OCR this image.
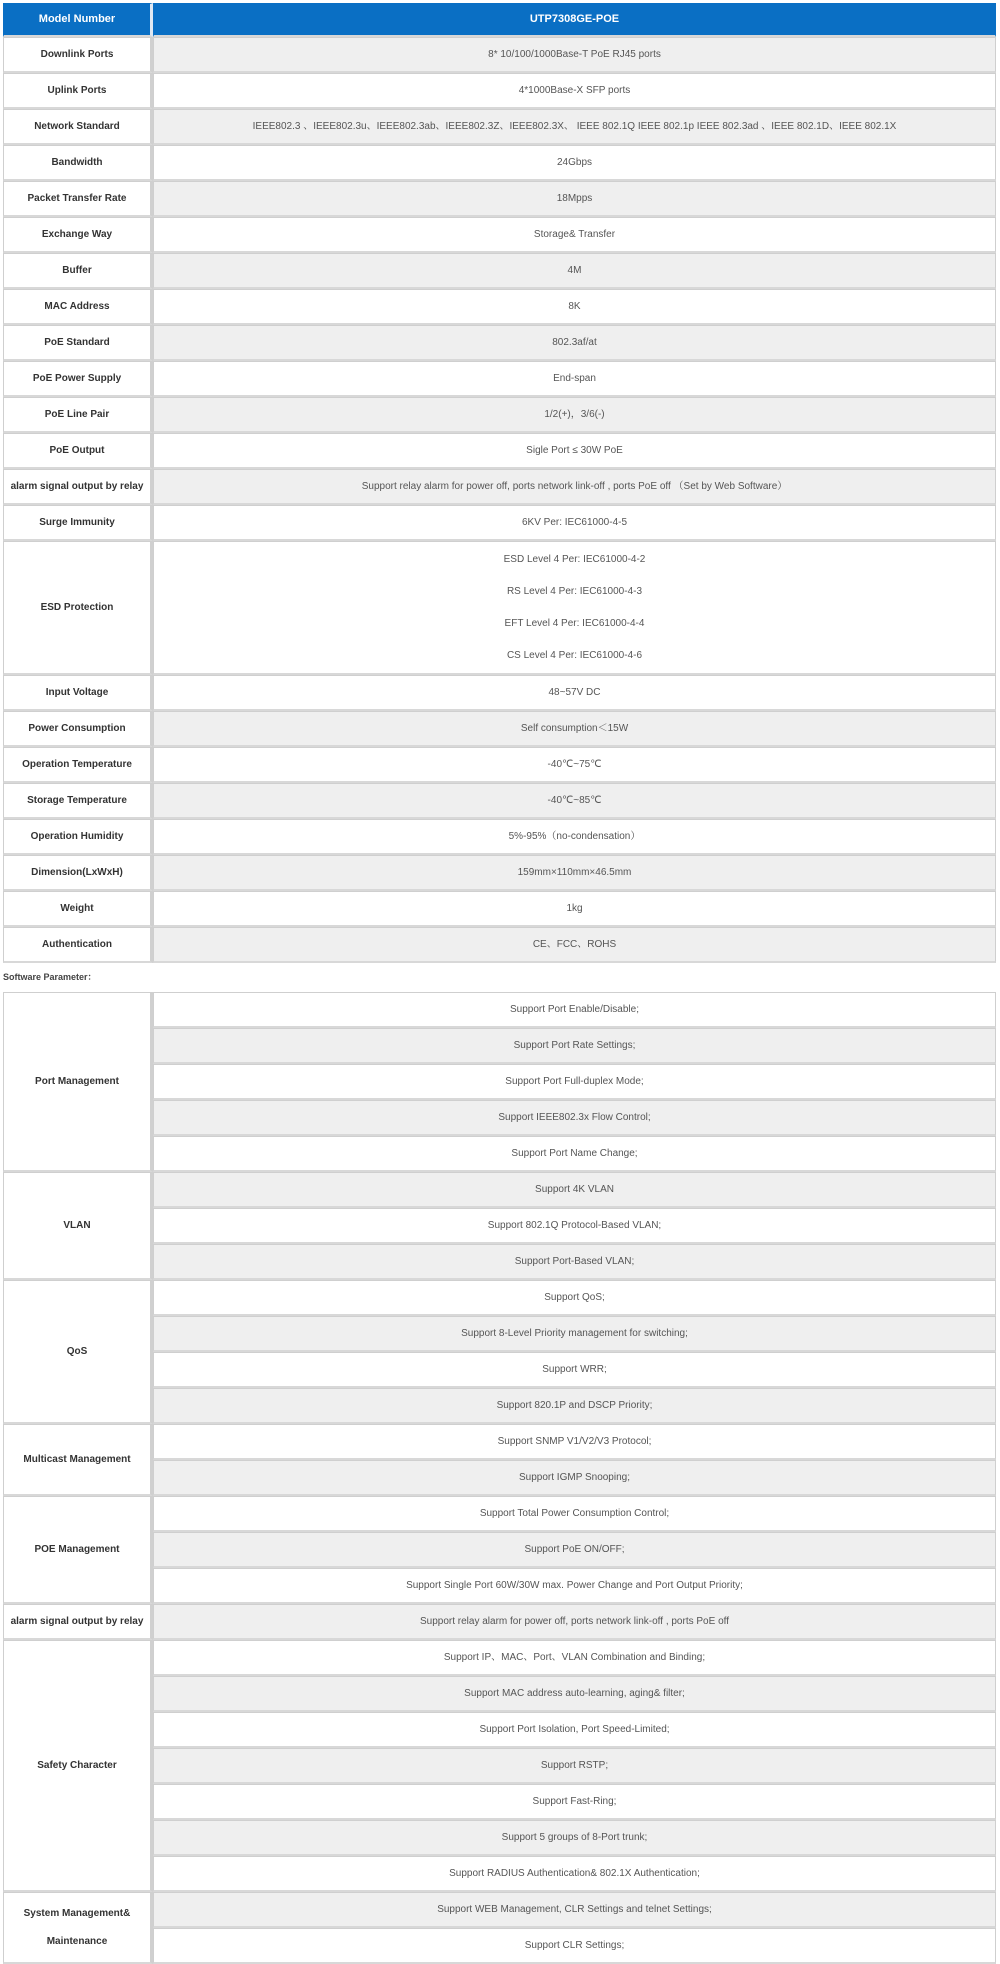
Model Number	UTP7308GE-POE
Downlink Ports	8* 10/100/1000Base-T PoE RJ45 ports
Uplink Ports	4*1000Base-X SFP ports
Network Standard	IEEE802.3 、IEEE802.3u、IEEE802.3ab、IEEE802.3Z、IEEE802.3X、 IEEE 802.1Q IEEE 802.1p IEEE 802.3ad 、IEEE 802.1D、IEEE 802.1X
Bandwidth	24Gbps
Packet Transfer Rate	18Mpps
Exchange Way	Storage& Transfer
Buffer	4M
MAC Address	8K
PoE Standard	802.3af/at
PoE Power Supply	End-span
PoE Line Pair	1/2(+)，3/6(-)
PoE Output	Sigle Port ≤ 30W PoE
alarm signal output by relay	Support relay alarm for power off, ports network link-off , ports PoE off （Set by Web Software）
Surge Immunity	6KV Per: IEC61000-4-5
ESD Protection	ESD Level 4 Per: IEC61000-4-2

RS Level 4 Per: IEC61000-4-3

EFT Level 4 Per: IEC61000-4-4

CS Level 4 Per: IEC61000-4-6

Input Voltage	48~57V DC
Power Consumption	Self consumption＜15W
Operation Temperature	-40℃~75℃
Storage Temperature	-40℃~85℃
Operation Humidity	5%-95%（no-condensation）
Dimension(LxWxH)	159mm×110mm×46.5mm
Weight	1kg
Authentication	CE、FCC、ROHS
Software Parameter：
Port Management	Support Port Enable/Disable;
	Support Port Rate Settings;
	Support Port Full-duplex Mode;
	Support IEEE802.3x Flow Control;
	Support Port Name Change;
VLAN	Support 4K VLAN
	Support 802.1Q Protocol-Based VLAN;
	Support Port-Based VLAN;
QoS	Support QoS;
	Support 8-Level Priority management for switching;
	Support WRR;
	Support 820.1P and DSCP Priority;
Multicast Management	Support SNMP V1/V2/V3 Protocol;
	Support IGMP Snooping;
POE Management	Support Total Power Consumption Control;
	Support PoE ON/OFF;
	Support Single Port 60W/30W max. Power Change and Port Output Priority;
alarm signal output by relay	Support relay alarm for power off, ports network link-off , ports PoE off
Safety Character	Support IP、MAC、Port、VLAN Combination and Binding;
	Support MAC address auto-learning, aging& filter;
	Support Port Isolation, Port Speed-Limited;
	Support RSTP;
	Support Fast-Ring;
	Support 5 groups of 8-Port trunk;
	Support RADIUS Authentication& 802.1X Authentication;
System Management&
Maintenance	Support WEB Management, CLR Settings and telnet Settings;
	Support CLR Settings;
